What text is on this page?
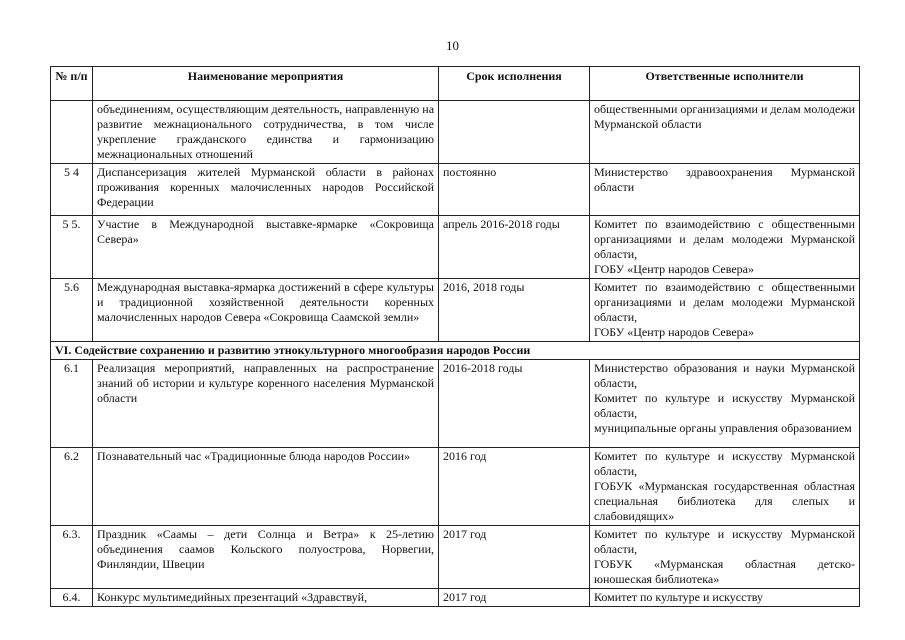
10
№ п/п	Наименование мероприятия	Срок исполнения	Ответственные исполнители
	объединениям, осуществляющим деятельность, направленную на развитие межнационального сотрудничества, в том числе укрепление гражданского единства и гармонизацию межнациональных отношений		общественными организациями и делам молодежи Мурманской области

5 4	Диспансеризация жителей Мурманской области в районах проживания коренных малочисленных народов Российской Федерации	постоянно	Министерство здравоохранения Мурманской области

5 5.	Участие в Международной выставке-ярмарке «Сокровища Севера»	апрель 2016-2018 годы	Комитет по взаимодействию с общественными организациями и делам молодежи Мурманской области,
ГОБУ «Центр народов Севера»

5.6	Международная выставка-ярмарка достижений в сфере культуры и традиционной хозяйственной деятельности коренных малочисленных народов Севера «Сокровища Саамской земли»	2016, 2018 годы	Комитет по взаимодействию с общественными организациями и делам молодежи Мурманской области,
ГОБУ «Центр народов Севера»

VI. Содействие сохранению и развитию этнокультурного многообразия народов России			
6.1	Реализация мероприятий, направленных на распространение знаний об истории и культуре коренного населения Мурманской области	2016-2018 годы	Министерство образования и науки Мурманской области,
Комитет по культуре и искусству Мурманской области,
муниципальные органы управления образованием

6.2	Познавательный час «Традиционные блюда народов России»	2016 год	Комитет по культуре и искусству Мурманской области,
ГОБУК «Мурманская государственная областная специальная библиотека для слепых и слабовидящих»

6.3.	Праздник «Саамы – дети Солнца и Ветра» к 25-летию объединения саамов Кольского полуострова, Норвегии, Финляндии, Швеции	2017 год	Комитет по культуре и искусству Мурманской области,
ГОБУК «Мурманская областная детско-юношеская библиотека»

6.4.	Конкурс мультимедийных презентаций «Здравствуй,	2017 год	Комитет по культуре и искусству
